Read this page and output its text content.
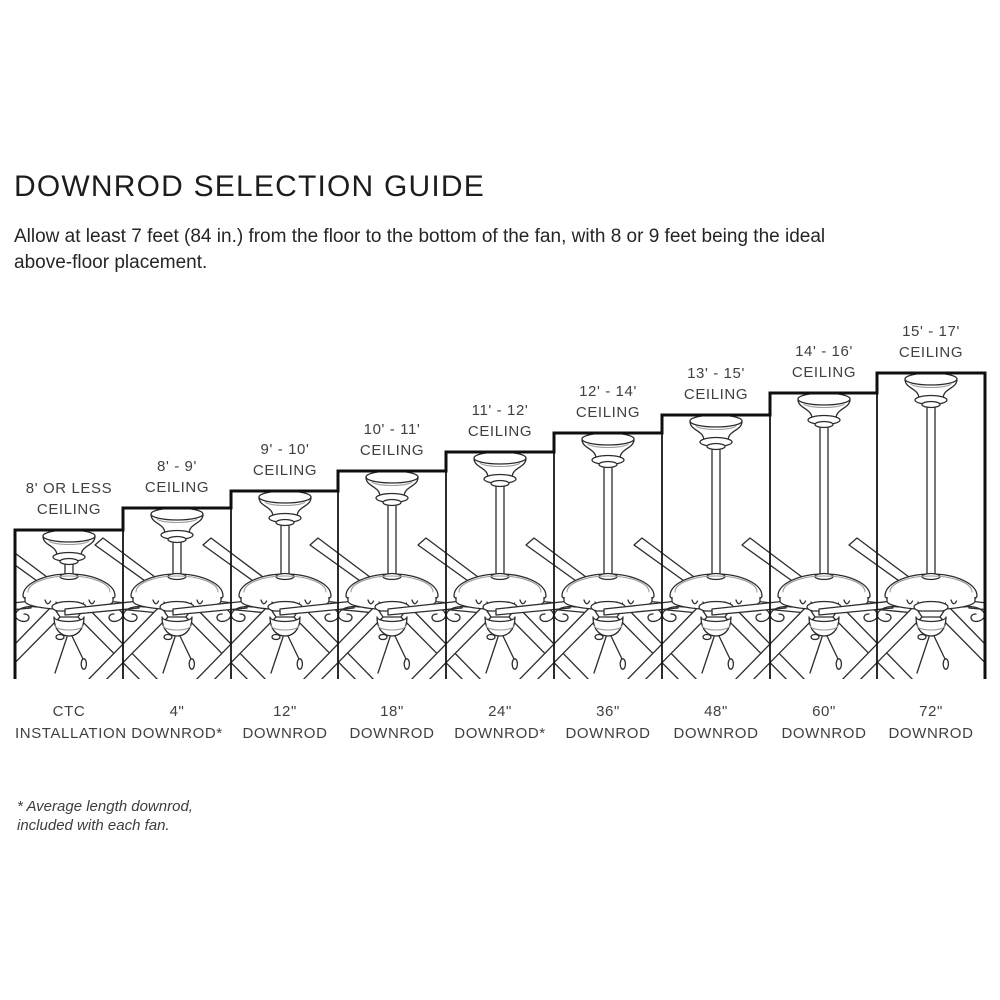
DOWNROD SELECTION GUIDE
Allow at least 7 feet (84 in.) from the floor to the bottom of the fan, with 8 or 9 feet being the ideal
above-floor placement.
8' OR LESS
CEILING
8' - 9'
CEILING
9' - 10'
CEILING
10' - 11'
CEILING
11' - 12'
CEILING
12' - 14'
CEILING
13' - 15'
CEILING
14' - 16'
CEILING
15' - 17'
CEILING
CTC
INSTALLATION
4"
DOWNROD*
12"
DOWNROD
18"
DOWNROD
24"
DOWNROD*
36"
DOWNROD
48"
DOWNROD
60"
DOWNROD
72"
DOWNROD
* Average length downrod,
included with each fan.
